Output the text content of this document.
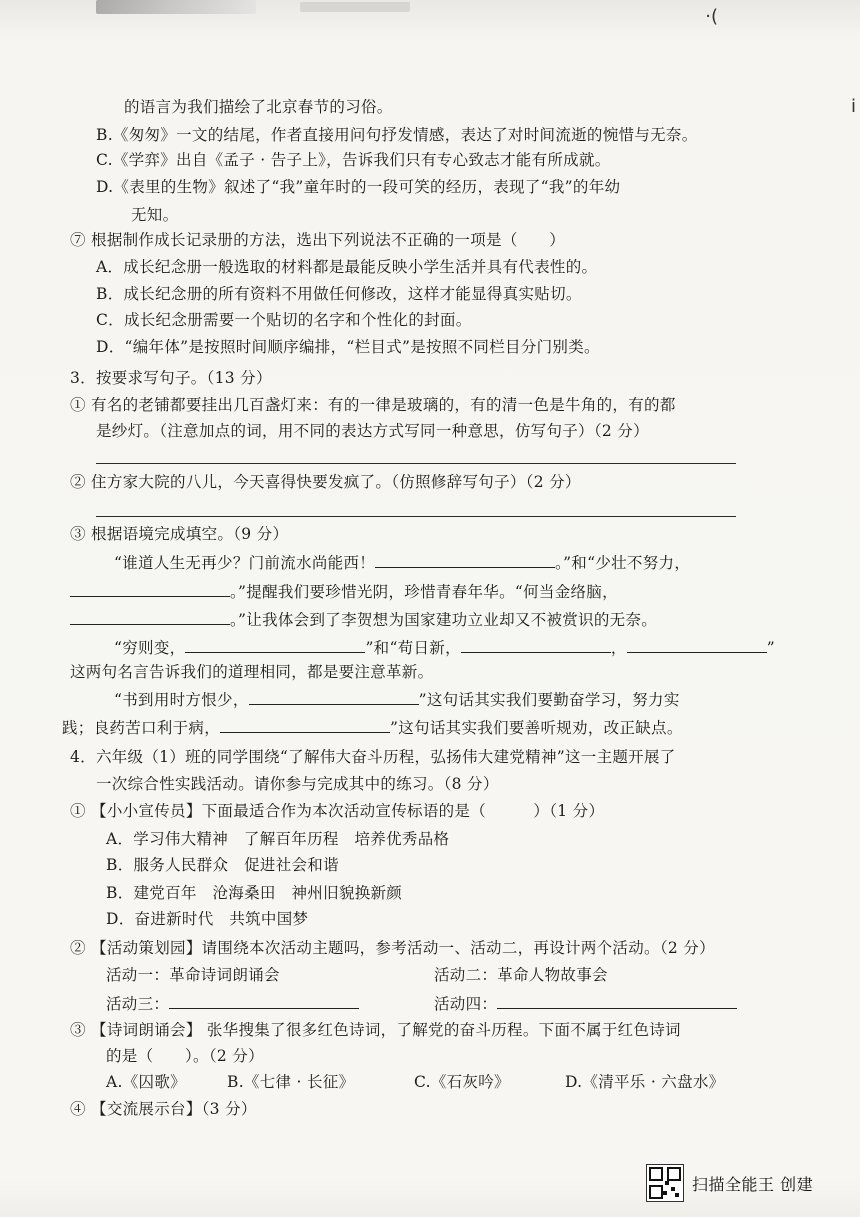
·(
i
的语言为我们描绘了北京春节的习俗。
B.《匆匆》一文的结尾，作者直接用问句抒发情感，表达了对时间流逝的惋惜与无奈。
C.《学弈》出自《孟子 · 告子上》，告诉我们只有专心致志才能有所成就。
D.《表里的生物》叙述了“我”童年时的一段可笑的经历，表现了“我”的年幼
无知。
⑦ 根据制作成长记录册的方法，选出下列说法不正确的一项是（　　）
A．成长纪念册一般选取的材料都是最能反映小学生活并具有代表性的。
B．成长纪念册的所有资料不用做任何修改，这样才能显得真实贴切。
C．成长纪念册需要一个贴切的名字和个性化的封面。
D．“编年体”是按照时间顺序编排，“栏目式”是按照不同栏目分门别类。
3．按要求写句子。（13 分）
① 有名的老铺都要挂出几百盏灯来：有的一律是玻璃的，有的清一色是牛角的，有的都
是纱灯。（注意加点的词，用不同的表达方式写同一种意思，仿写句子）（2 分）
② 住方家大院的八儿，今天喜得快要发疯了。（仿照修辞写句子）（2 分）
③ 根据语境完成填空。（9 分）
“谁道人生无再少？门前流水尚能西！	。”和“少壮不努力，
。”提醒我们要珍惜光阴，珍惜青春年华。“何当金络脑，
。”让我体会到了李贺想为国家建功立业却又不被赏识的无奈。
“穷则变，	”和“苟日新，	，	”
这两句名言告诉我们的道理相同，都是要注意革新。
“书到用时方恨少，	”这句话其实我们要勤奋学习，努力实
践；良药苦口利于病，	”这句话其实我们要善听规劝，改正缺点。
4．六年级（1）班的同学围绕“了解伟大奋斗历程，弘扬伟大建党精神”这一主题开展了
一次综合性实践活动。请你参与完成其中的练习。（8 分）
① 【小小宣传员】下面最适合作为本次活动宣传标语的是（　　　）（1 分）
A．学习伟大精神　了解百年历程　培养优秀品格
B．服务人民群众　促进社会和谐
B．建党百年　沧海桑田　神州旧貌换新颜
D．奋进新时代　共筑中国梦
② 【活动策划园】请围绕本次活动主题吗，参考活动一、活动二，再设计两个活动。（2 分）
活动一：革命诗词朗诵会	活动二：革命人物故事会
活动三：	活动四：
③ 【诗词朗诵会】 张华搜集了很多红色诗词，了解党的奋斗历程。下面不属于红色诗词
的是（　　）。（2 分）
A.《囚歌》	B.《七律 · 长征》	C.《石灰吟》	D.《清平乐 · 六盘水》
④ 【交流展示台】（3 分）
扫描全能王 创建
